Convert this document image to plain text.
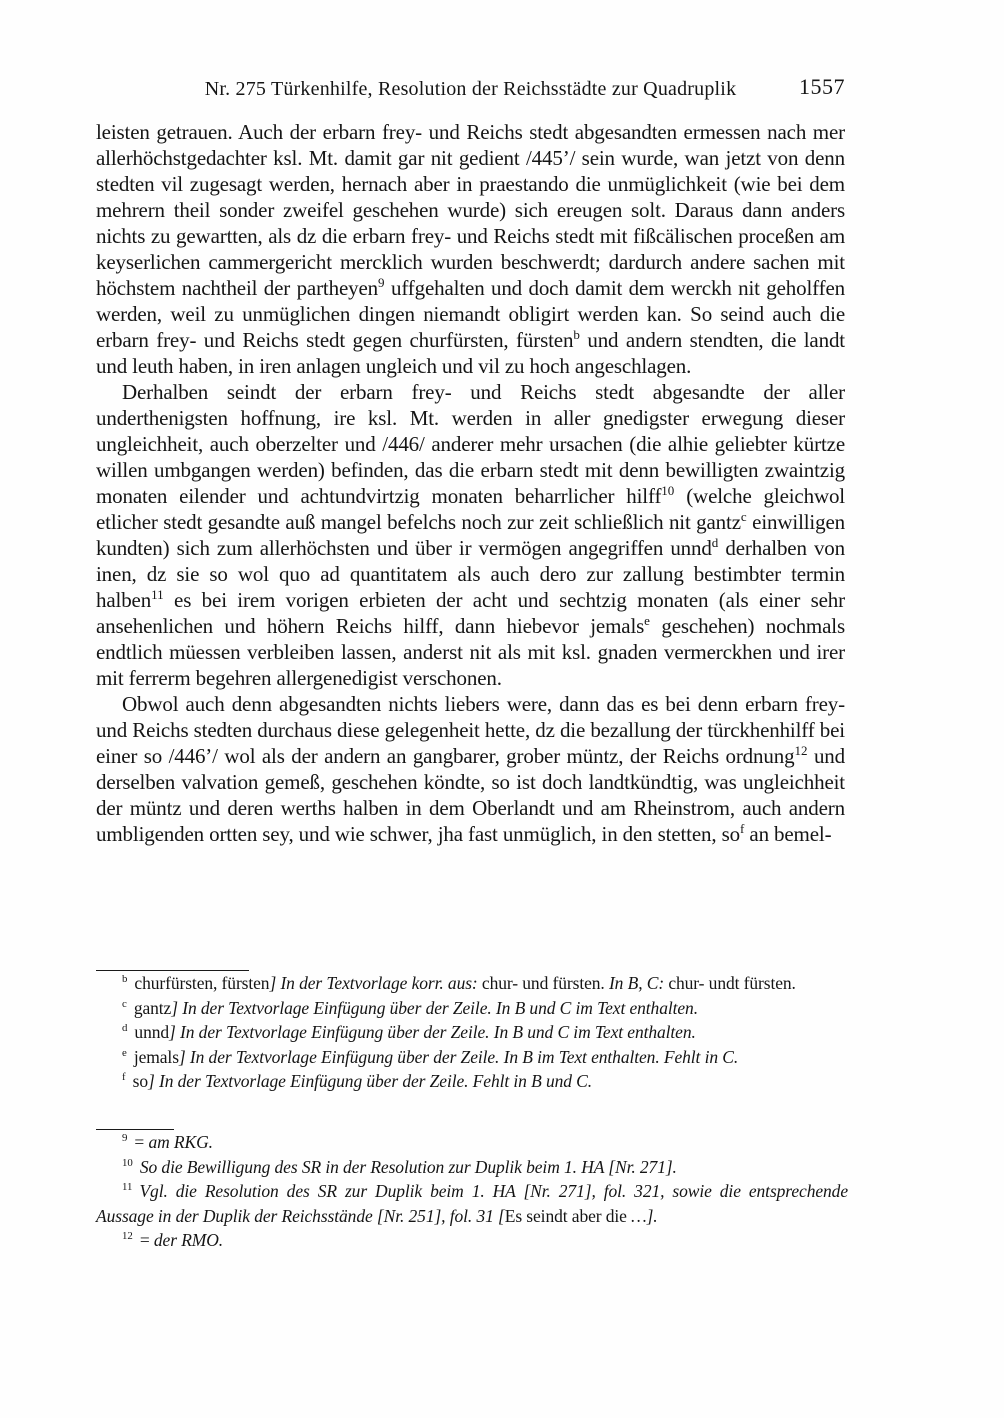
Nr. 275 Türkenhilfe, Resolution der Reichsstädte zur Quadruplik	1557

leisten getrauen. Auch der erbarn frey- und Reichs stedt abgesandten ermessen nach mer allerhöchstgedachter ksl. Mt. damit gar nit gedient /445’/ sein wurde, wan jetzt von denn stedten vil zugesagt werden, hernach aber in praestando die unmüglichkeit (wie bei dem mehrern theil sonder zweifel geschehen wurde) sich ereugen solt. Daraus dann anders nichts zu gewartten, als dz die erbarn frey- und Reichs stedt mit fißcälischen proceßen am keyserlichen cammergericht mercklich wurden beschwerdt; dardurch andere sachen mit höchstem nachtheil der partheyen$^9$ uffgehalten und doch damit dem werckh nit geholffen werden, weil zu unmüglichen dingen niemandt obligirt werden kan. So seind auch die erbarn frey- und Reichs stedt gegen churfürsten, fürsten$^b$ und andern stendten, die landt und leuth haben, in iren anlagen ungleich und vil zu hoch angeschlagen.

Derhalben seindt der erbarn frey- und Reichs stedt abgesandte der aller underthenigsten hoffnung, ire ksl. Mt. werden in aller gnedigster erwegung dieser ungleichheit, auch oberzelter und /446/ anderer mehr ursachen (die alhie geliebter kürtze willen umbgangen werden) befinden, das die erbarn stedt mit denn bewilligten zwaintzig monaten eilender und achtundvirtzig monaten beharrlicher hilff$^{10}$ (welche gleichwol etlicher stedt gesandte auß mangel befelchs noch zur zeit schließlich nit gantz$^c$ einwilligen kundten) sich zum allerhöchsten und über ir vermögen angegriffen unnd$^d$ derhalben von inen, dz sie so wol quo ad quantitatem als auch dero zur zallung bestimbter termin halben$^{11}$ es bei irem vorigen erbieten der acht und sechtzig monaten (als einer sehr ansehenlichen und höhern Reichs hilff, dann hiebevor jemals$^e$ geschehen) nochmals endtlich müessen verbleiben lassen, anderst nit als mit ksl. gnaden vermerckhen und irer mit ferrerm begehren allergenedigist verschonen.

Obwol auch denn abgesandten nichts liebers were, dann das es bei denn erbarn frey- und Reichs stedten durchaus diese gelegenheit hette, dz die bezallung der türckhenhilff bei einer so /446’/ wol als der andern an gangbarer, grober müntz, der Reichs ordnung$^{12}$ und derselben valvation gemeß, geschehen köndte, so ist doch landtkündtig, was ungleichheit der müntz und deren werths halben in dem Oberlandt und am Rheinstrom, auch andern umbligenden ortten sey, und wie schwer, jha fast unmüglich, in den stetten, $so^f$ an bemel-

$^b$ churfürsten, fürsten] In der Textvorlage korr. aus: chur- und fürsten. In B, C: chur- undt fürsten.

$^c$ gantz] In der Textvorlage Einfügung über der Zeile. In B und C im Text enthalten.

$^d$ unnd] In der Textvorlage Einfügung über der Zeile. In B und C im Text enthalten.

$^e$ jemals] In der Textvorlage Einfügung über der Zeile. In B im Text enthalten. Fehlt in C.

$^f$ so] In der Textvorlage Einfügung über der Zeile. Fehlt in B und C.

$^9$ = am RKG.

$^{10}$ So die Bewilligung des SR in der Resolution zur Duplik beim 1. HA [Nr. 271].

$^{11}$ Vgl. die Resolution des SR zur Duplik beim 1. HA [Nr. 271], fol. 321, sowie die entsprechende Aussage in der Duplik der Reichsstände [Nr. 251], fol. 31 [Es seindt aber die …].

$^{12}$ = der RMO.
